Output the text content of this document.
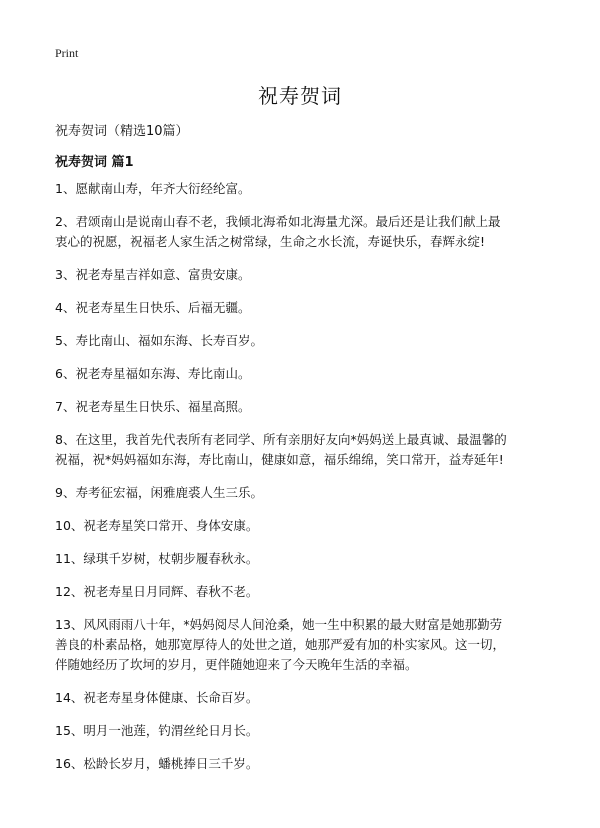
Print
祝寿贺词

祝寿贺词（精选10篇）

祝寿贺词 篇1
1、愿献南山寿，年齐大衍经纶富。
2、君颂南山是说南山春不老，我倾北海希如北海量尤深。最后还是让我们献上最
衷心的祝愿，祝福老人家生活之树常绿，生命之水长流，寿诞快乐，春辉永绽!
3、祝老寿星吉祥如意、富贵安康。
4、祝老寿星生日快乐、后福无疆。
5、寿比南山、福如东海、长寿百岁。
6、祝老寿星福如东海、寿比南山。
7、祝老寿星生日快乐、福星高照。
8、在这里，我首先代表所有老同学、所有亲朋好友向*妈妈送上最真诚、最温馨的
祝福，祝*妈妈福如东海，寿比南山，健康如意，福乐绵绵，笑口常开，益寿延年!
9、寿考征宏福，闲雅鹿裘人生三乐。
10、祝老寿星笑口常开、身体安康。
11、绿琪千岁树，杖朝步履春秋永。
12、祝老寿星日月同辉、春秋不老。
13、风风雨雨八十年，*妈妈阅尽人间沧桑，她一生中积累的最大财富是她那勤劳
善良的朴素品格，她那宽厚待人的处世之道，她那严爱有加的朴实家风。这一切，
伴随她经历了坎坷的岁月，更伴随她迎来了今天晚年生活的幸福。
14、祝老寿星身体健康、长命百岁。
15、明月一池莲，钓渭丝纶日月长。
16、松龄长岁月，蟠桃捧日三千岁。
